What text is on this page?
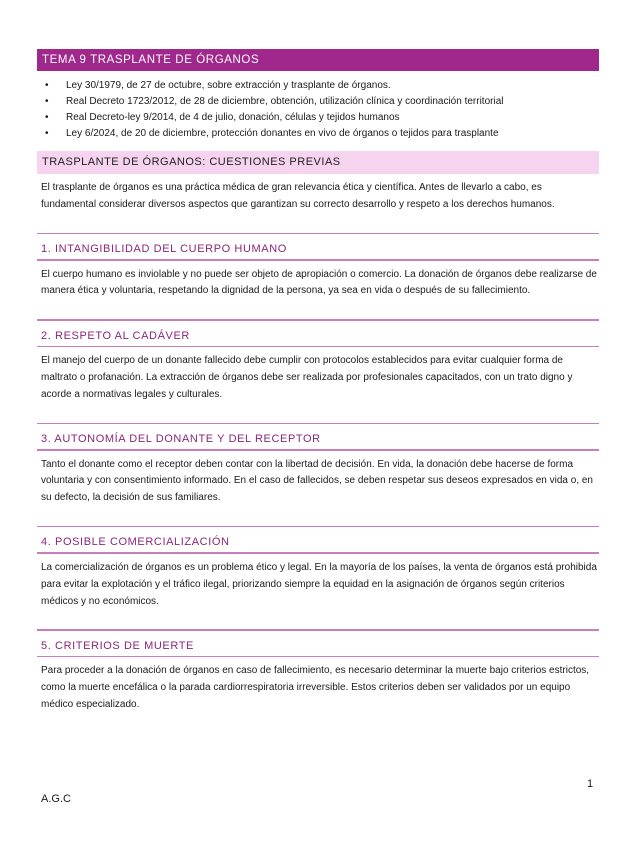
TEMA 9 TRASPLANTE DE ÓRGANOS
• Ley 30/1979, de 27 de octubre, sobre extracción y trasplante de órganos.
• Real Decreto 1723/2012, de 28 de diciembre, obtención, utilización clínica y coordinación territorial
• Real Decreto-ley 9/2014, de 4 de julio, donación, células y tejidos humanos
• Ley 6/2024, de 20 de diciembre, protección donantes en vivo de órganos o tejidos para trasplante
TRASPLANTE DE ÓRGANOS: CUESTIONES PREVIAS

El trasplante de órganos es una práctica médica de gran relevancia ética y científica. Antes de llevarlo a cabo, es fundamental considerar diversos aspectos que garantizan su correcto desarrollo y respeto a los derechos humanos.

1. INTANGIBILIDAD DEL CUERPO HUMANO

El cuerpo humano es inviolable y no puede ser objeto de apropiación o comercio. La donación de órganos debe realizarse de manera ética y voluntaria, respetando la dignidad de la persona, ya sea en vida o después de su fallecimiento.

2. RESPETO AL CADÁVER

El manejo del cuerpo de un donante fallecido debe cumplir con protocolos establecidos para evitar cualquier forma de maltrato o profanación. La extracción de órganos debe ser realizada por profesionales capacitados, con un trato digno y acorde a normativas legales y culturales.

3. AUTONOMÍA DEL DONANTE Y DEL RECEPTOR

Tanto el donante como el receptor deben contar con la libertad de decisión. En vida, la donación debe hacerse de forma voluntaria y con consentimiento informado. En el caso de fallecidos, se deben respetar sus deseos expresados en vida o, en su defecto, la decisión de sus familiares.

4. POSIBLE COMERCIALIZACIÓN

La comercialización de órganos es un problema ético y legal. En la mayoría de los países, la venta de órganos está prohibida para evitar la explotación y el tráfico ilegal, priorizando siempre la equidad en la asignación de órganos según criterios médicos y no económicos.

5. CRITERIOS DE MUERTE

Para proceder a la donación de órganos en caso de fallecimiento, es necesario determinar la muerte bajo criterios estrictos, como la muerte encefálica o la parada cardiorrespiratoria irreversible. Estos criterios deben ser validados por un equipo médico especializado.

1
A.G.C
